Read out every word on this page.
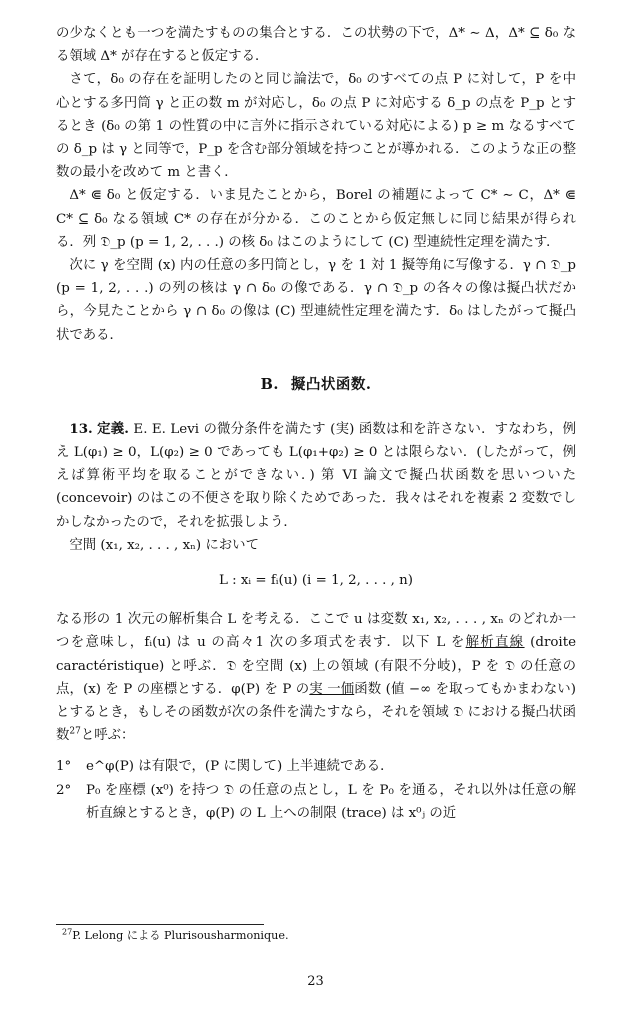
の少なくとも一つを満たすものの集合とする．この状勢の下で，Δ* ∼ Δ，Δ* ⊆ δ₀ なる領域 Δ* が存在すると仮定する．

さて，δ₀ の存在を証明したのと同じ論法で，δ₀ のすべての点 P に対して，P を中心とする多円筒 γ と正の数 m が対応し，δ₀ の点 P に対応する δ_p の点を P_p とするとき (δ₀ の第 1 の性質の中に言外に指示されている対応による) p ≥ m なるすべての δ_p は γ と同等で，P_p を含む部分領域を持つことが導かれる．このような正の整数の最小を改めて m と書く．

Δ* ⋐ δ₀ と仮定する．いま見たことから，Borel の補題によって C* ∼ C，Δ* ⋐ C* ⊆ δ₀ なる領域 C* の存在が分かる．このことから仮定無しに同じ結果が得られる．列 𝔇_p (p = 1, 2, . . .) の核 δ₀ はこのようにして (C) 型連続性定理を満たす．

次に γ を空間 (x) 内の任意の多円筒とし，γ を 1 対 1 擬等角に写像する．γ ∩ 𝔇_p (p = 1, 2, . . .) の列の核は γ ∩ δ₀ の像である．γ ∩ 𝔇_p の各々の像は擬凸状だから，今見たことから γ ∩ δ₀ の像は (C) 型連続性定理を満たす．δ₀ はしたがって擬凸状である．

B. 擬凸状函数.

13. 定義. E. E. Levi の微分条件を満たす (実) 函数は和を許さない．すなわち，例え L(φ₁) ≥ 0，L(φ₂) ≥ 0 であっても L(φ₁+φ₂) ≥ 0 とは限らない．(したがって，例えば算術平均を取ることができない．) 第 VI 論文で擬凸状函数を思いついた (concevoir) のはこの不便さを取り除くためであった．我々はそれを複素 2 変数でしかしなかったので，それを拡張しよう．

空間 (x₁, x₂, . . . , xₙ) において

L : xᵢ = fᵢ(u) (i = 1, 2, . . . , n)

なる形の 1 次元の解析集合 L を考える．ここで u は変数 x₁, x₂, . . . , xₙ のどれか一つを意味し，fᵢ(u) は u の高々1 次の多項式を表す．以下 L を解析直線 (droite caractéristique) と呼ぶ．𝔇 を空間 (x) 上の領域 (有限不分岐)，P を 𝔇 の任意の点，(x) を P の座標とする．φ(P) を P の実 一価函数 (値 −∞ を取ってもかまわない) とするとき，もしその函数が次の条件を満たすなら，それを領域 𝔇 における擬凸状函数$^{27}$と呼ぶ：

1°	e^φ(P) は有限で，(P に関して) 上半連続である．
2°	P₀ を座標 (x⁰) を持つ 𝔇 の任意の点とし，L を P₀ を通る，それ以外は任意の解析直線とするとき，φ(P) の L 上への制限 (trace) は x⁰ⱼ の近
$^{27}$P. Lelong による Plurisousharmonique.
23
